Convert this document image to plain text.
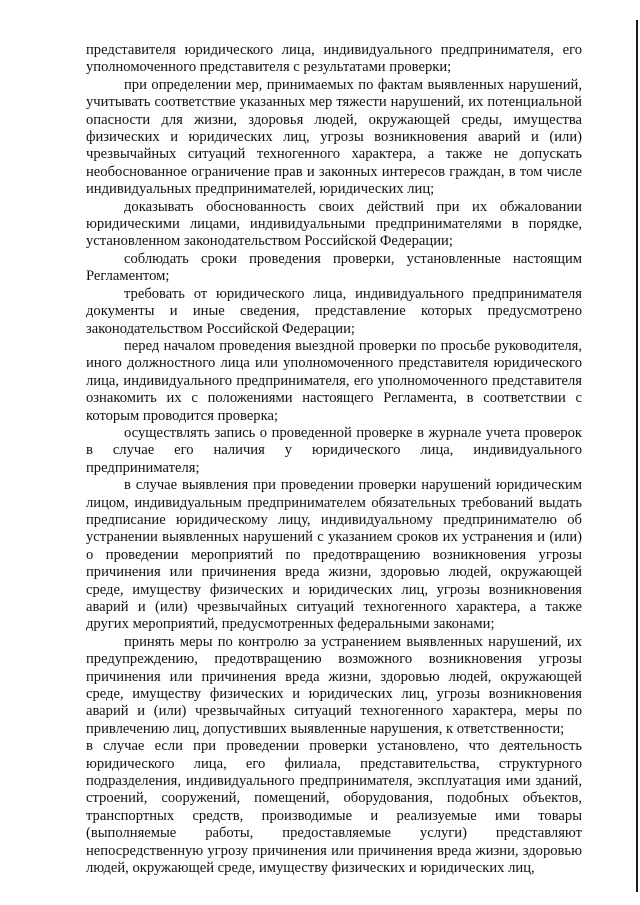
представителя юридического лица, индивидуального предпринимателя, его уполномоченного представителя с результатами проверки;

при определении мер, принимаемых по фактам выявленных нарушений, учитывать соответствие указанных мер тяжести нарушений, их потенциальной опасности для жизни, здоровья людей, окружающей среды, имущества физических и юридических лиц, угрозы возникновения аварий и (или) чрезвычайных ситуаций техногенного характера, а также не допускать необоснованное ограничение прав и законных интересов граждан, в том числе индивидуальных предпринимателей, юридических лиц;

доказывать обоснованность своих действий при их обжаловании юридическими лицами, индивидуальными предпринимателями в порядке, установленном законодательством Российской Федерации;

соблюдать сроки проведения проверки, установленные настоящим Регламентом;

требовать от юридического лица, индивидуального предпринимателя документы и иные сведения, представление которых предусмотрено законодательством Российской Федерации;

перед началом проведения выездной проверки по просьбе руководителя, иного должностного лица или уполномоченного представителя юридического лица, индивидуального предпринимателя, его уполномоченного представителя ознакомить их с положениями настоящего Регламента, в соответствии с которым проводится проверка;

осуществлять запись о проведенной проверке в журнале учета проверок в случае его наличия у юридического лица, индивидуального предпринимателя;

в случае выявления при проведении проверки нарушений юридическим лицом, индивидуальным предпринимателем обязательных требований выдать предписание юридическому лицу, индивидуальному предпринимателю об устранении выявленных нарушений с указанием сроков их устранения и (или) о проведении мероприятий по предотвращению возникновения угрозы причинения или причинения вреда жизни, здоровью людей, окружающей среде, имуществу физических и юридических лиц, угрозы возникновения аварий и (или) чрезвычайных ситуаций техногенного характера, а также других мероприятий, предусмотренных федеральными законами;

принять меры по контролю за устранением выявленных нарушений, их предупреждению, предотвращению возможного возникновения угрозы причинения или причинения вреда жизни, здоровью людей, окружающей среде, имуществу физических и юридических лиц, угрозы возникновения аварий и (или) чрезвычайных ситуаций техногенного характера, меры по привлечению лиц, допустивших выявленные нарушения, к ответственности;

в случае если при проведении проверки установлено, что деятельность юридического лица, его филиала, представительства, структурного подразделения, индивидуального предпринимателя, эксплуатация ими зданий, строений, сооружений, помещений, оборудования, подобных объектов, транспортных средств, производимые и реализуемые ими товары (выполняемые работы, предоставляемые услуги) представляют непосредственную угрозу причинения или причинения вреда жизни, здоровью людей, окружающей среде, имуществу физических и юридических лиц,
